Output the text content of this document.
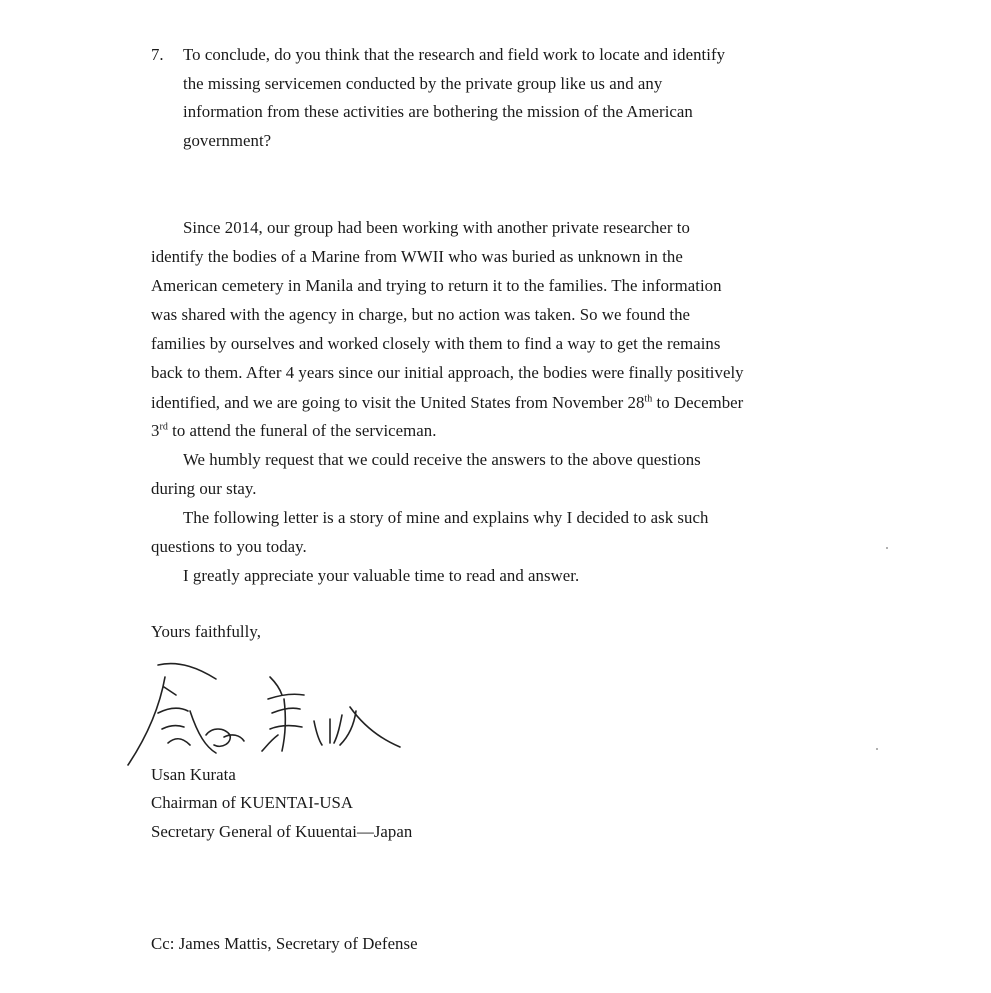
7. To conclude, do you think that the research and field work to locate and identify
the missing servicemen conducted by the private group like us and any
information from these activities are bothering the mission of the American
government?
Since 2014, our group had been working with another private researcher to
identify the bodies of a Marine from WWII who was buried as unknown in the
American cemetery in Manila and trying to return it to the families. The information
was shared with the agency in charge, but no action was taken. So we found the
families by ourselves and worked closely with them to find a way to get the remains
back to them. After 4 years since our initial approach, the bodies were finally positively
identified, and we are going to visit the United States from November 28th to December
3rd to attend the funeral of the serviceman.
We humbly request that we could receive the answers to the above questions
during our stay.
The following letter is a story of mine and explains why I decided to ask such
questions to you today.
I greatly appreciate your valuable time to read and answer.
Yours faithfully,
Usan Kurata
Chairman of KUENTAI-USA
Secretary General of Kuuentai—Japan
Cc: James Mattis, Secretary of Defense
